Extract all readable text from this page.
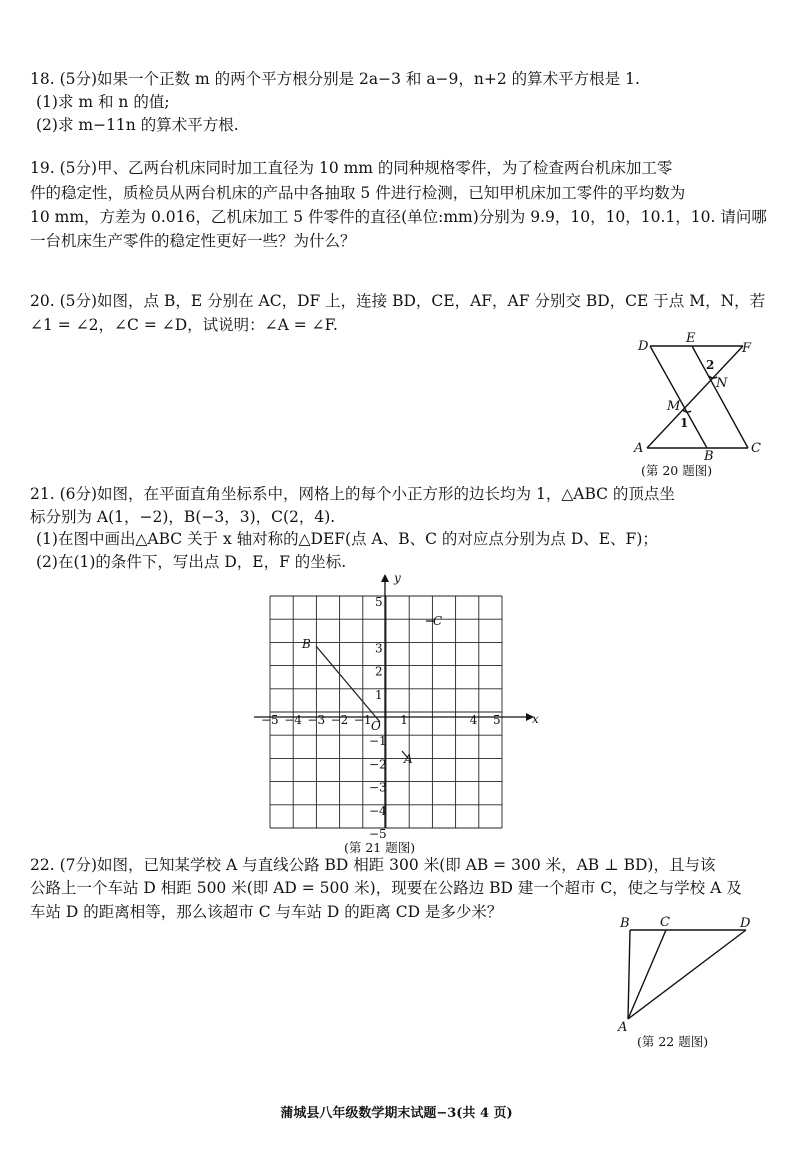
18. (5分)如果一个正数 m 的两个平方根分别是 2a−3 和 a−9，n+2 的算术平方根是 1.
(1)求 m 和 n 的值;
(2)求 m−11n 的算术平方根.
19. (5分)甲、乙两台机床同时加工直径为 10 mm 的同种规格零件，为了检查两台机床加工零
件的稳定性，质检员从两台机床的产品中各抽取 5 件进行检测，已知甲机床加工零件的平均数为
10 mm，方差为 0.016，乙机床加工 5 件零件的直径(单位:mm)分别为 9.9，10，10，10.1，10. 请问哪
一台机床生产零件的稳定性更好一些？为什么？
20. (5分)如图，点 B，E 分别在 AC，DF 上，连接 BD，CE，AF，AF 分别交 BD，CE 于点 M，N，若
∠1 = ∠2，∠C = ∠D，试说明：∠A = ∠F.
D
E
F
N
M
A
B
C
1
2
(第 20 题图)
21. (6分)如图，在平面直角坐标系中，网格上的每个小正方形的边长均为 1，△ABC 的顶点坐
标分别为 A(1，−2)，B(−3，3)，C(2，4).
(1)在图中画出△ABC 关于 x 轴对称的△DEF(点 A、B、C 的对应点分别为点 D、E、F)；
(2)在(1)的条件下，写出点 D，E，F 的坐标.
x
y
O
−5 −4 −3 −2 −1 1	4 5
5
3
2
1
−1
−2
−3
−4
−5
B
C
A
(第 21 题图)
22. (7分)如图，已知某学校 A 与直线公路 BD 相距 300 米(即 AB = 300 米，AB ⊥ BD)，且与该
公路上一个车站 D 相距 500 米(即 AD = 500 米)，现要在公路边 BD 建一个超市 C，使之与学校 A 及
车站 D 的距离相等，那么该超市 C 与车站 D 的距离 CD 是多少米？
B C	D
A
(第 22 题图)
蒲城县八年级数学期末试题−3(共 4 页)
